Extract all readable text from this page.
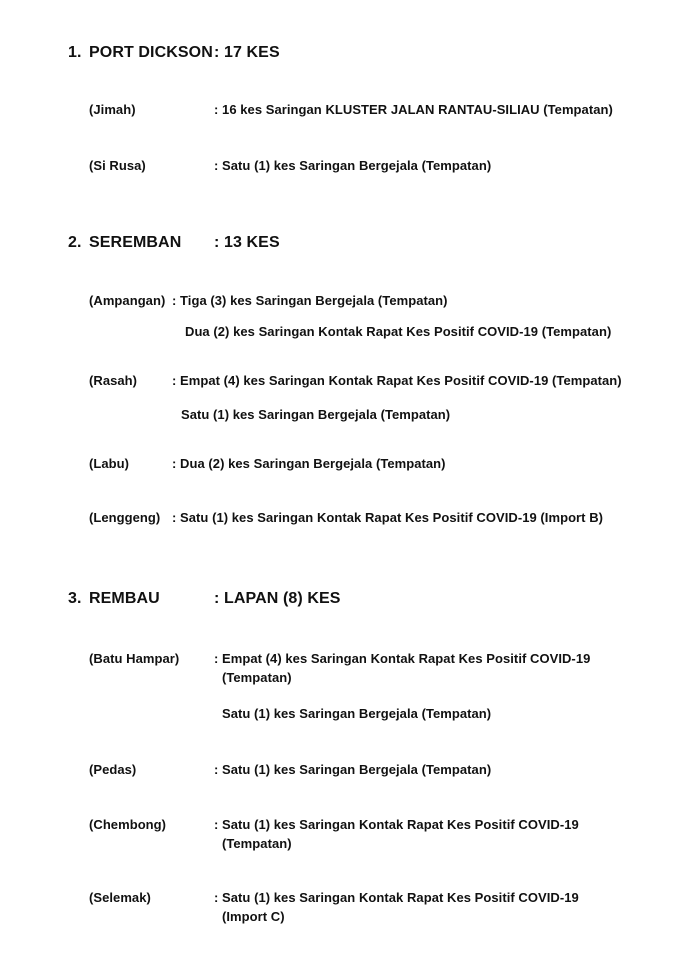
1. PORT DICKSON : 17 KES
(Jimah)	: 16 kes Saringan KLUSTER JALAN RANTAU-SILIAU (Tempatan)
(Si Rusa)	: Satu (1) kes Saringan Bergejala (Tempatan)
2. SEREMBAN : 13 KES
(Ampangan) : Tiga (3) kes Saringan Bergejala (Tempatan)
Dua (2) kes Saringan Kontak Rapat Kes Positif COVID-19 (Tempatan)
(Rasah)	: Empat (4) kes Saringan Kontak Rapat Kes Positif COVID-19 (Tempatan)
Satu (1) kes Saringan Bergejala (Tempatan)
(Labu)	: Dua (2) kes Saringan Bergejala (Tempatan)
(Lenggeng) : Satu (1) kes Saringan Kontak Rapat Kes Positif COVID-19 (Import B)
3. REMBAU	: LAPAN (8) KES
(Batu Hampar)	: Empat (4) kes Saringan Kontak Rapat Kes Positif COVID-19
(Tempatan)
Satu (1) kes Saringan Bergejala (Tempatan)
(Pedas)	: Satu (1) kes Saringan Bergejala (Tempatan)
(Chembong)	: Satu (1) kes Saringan Kontak Rapat Kes Positif COVID-19
(Tempatan)
(Selemak)	: Satu (1) kes Saringan Kontak Rapat Kes Positif COVID-19
(Import C)
